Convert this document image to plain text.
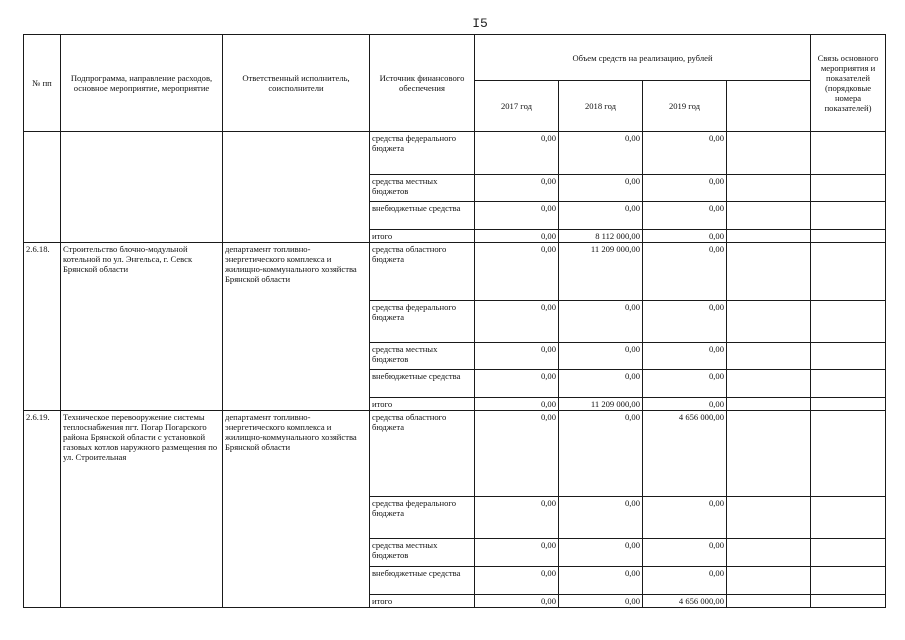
I5
№ пп	Подпрограмма, направление расходов, основное мероприятие, мероприятие	Ответственный исполнитель, соисполнители	Источник финансового обеспечения	Объем средств на реализацию, рублей				Связь основного мероприятия и показателей (порядковые номера показателей)
				2017 год	2018 год	2019 год		
			средства федерального бюджета	0,00	0,00	0,00		
			средства местных бюджетов	0,00	0,00	0,00		
			внебюджетные средства	0,00	0,00	0,00		
			итого	0,00	8 112 000,00	0,00		
2.6.18.	Строительство блочно-модульной котельной по ул. Энгельса, г. Севск Брянской области	департамент топливно-энергетического комплекса и жилищно-коммунального хозяйства Брянской области	средства областного бюджета	0,00	11 209 000,00	0,00		
			средства федерального бюджета	0,00	0,00	0,00		
			средства местных бюджетов	0,00	0,00	0,00		
			внебюджетные средства	0,00	0,00	0,00		
			итого	0,00	11 209 000,00	0,00		
2.6.19.	Техническое перевооружение системы теплоснабжения пгт. Погар Погарского района Брянской области с установкой газовых котлов наружного размещения по ул. Строительная	департамент топливно-энергетического комплекса и жилищно-коммунального хозяйства Брянской области	средства областного бюджета	0,00	0,00	4 656 000,00		
			средства федерального бюджета	0,00	0,00	0,00		
			средства местных бюджетов	0,00	0,00	0,00		
			внебюджетные средства	0,00	0,00	0,00		
			итого	0,00	0,00	4 656 000,00		
